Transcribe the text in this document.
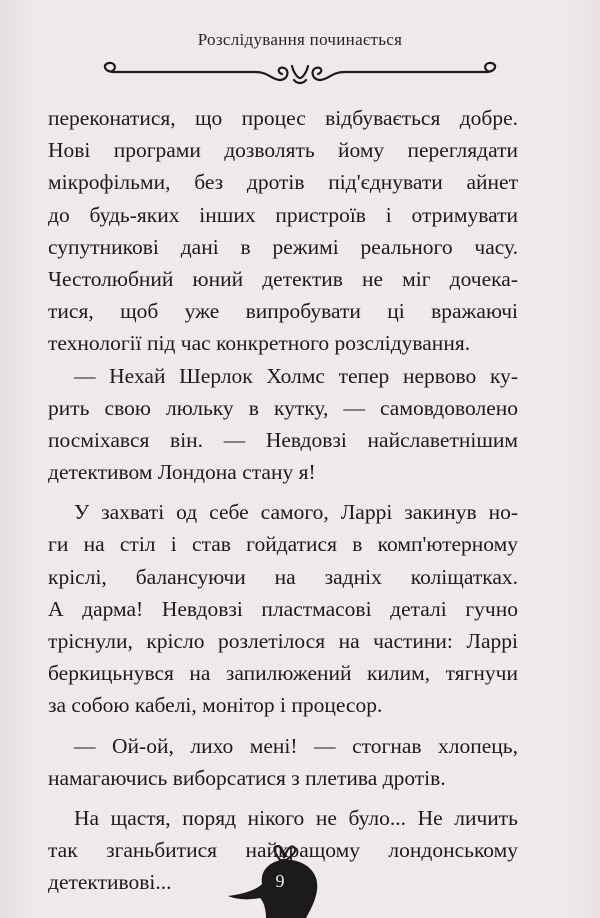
Розслідування починається
переконатися, що процес відбувається добре.
Нові програми дозволять йому переглядати
мікрофільми, без дротів під'єднувати айнет
до будь-яких інших пристроїв і отримувати
супутникові дані в режимі реального часу.
Честолюбний юний детектив не міг дочека-
тися, щоб уже випробувати ці вражаючі
технології під час конкретного розслідування.
— Нехай Шерлок Холмс тепер нервово ку-
рить свою люльку в кутку, — самовдоволено
посміхався він. — Невдовзі найславетнішим
детективом Лондона стану я!
У захваті од себе самого, Ларрі закинув но-
ги на стіл і став гойдатися в комп'ютерному
кріслі, балансуючи на задніх коліщатках.
А дарма! Невдовзі пластмасові деталі гучно
тріснули, крісло розлетілося на частини: Ларрі
беркицьнувся на запилюжений килим, тягнучи
за собою кабелі, монітор і процесор.
— Ой-ой, лихо мені! — стогнав хлопець,
намагаючись виборсатися з плетива дротів.
На щастя, поряд нікого не було... Не личить
так зганьбитися найкращому лондонському
детективові...	9
